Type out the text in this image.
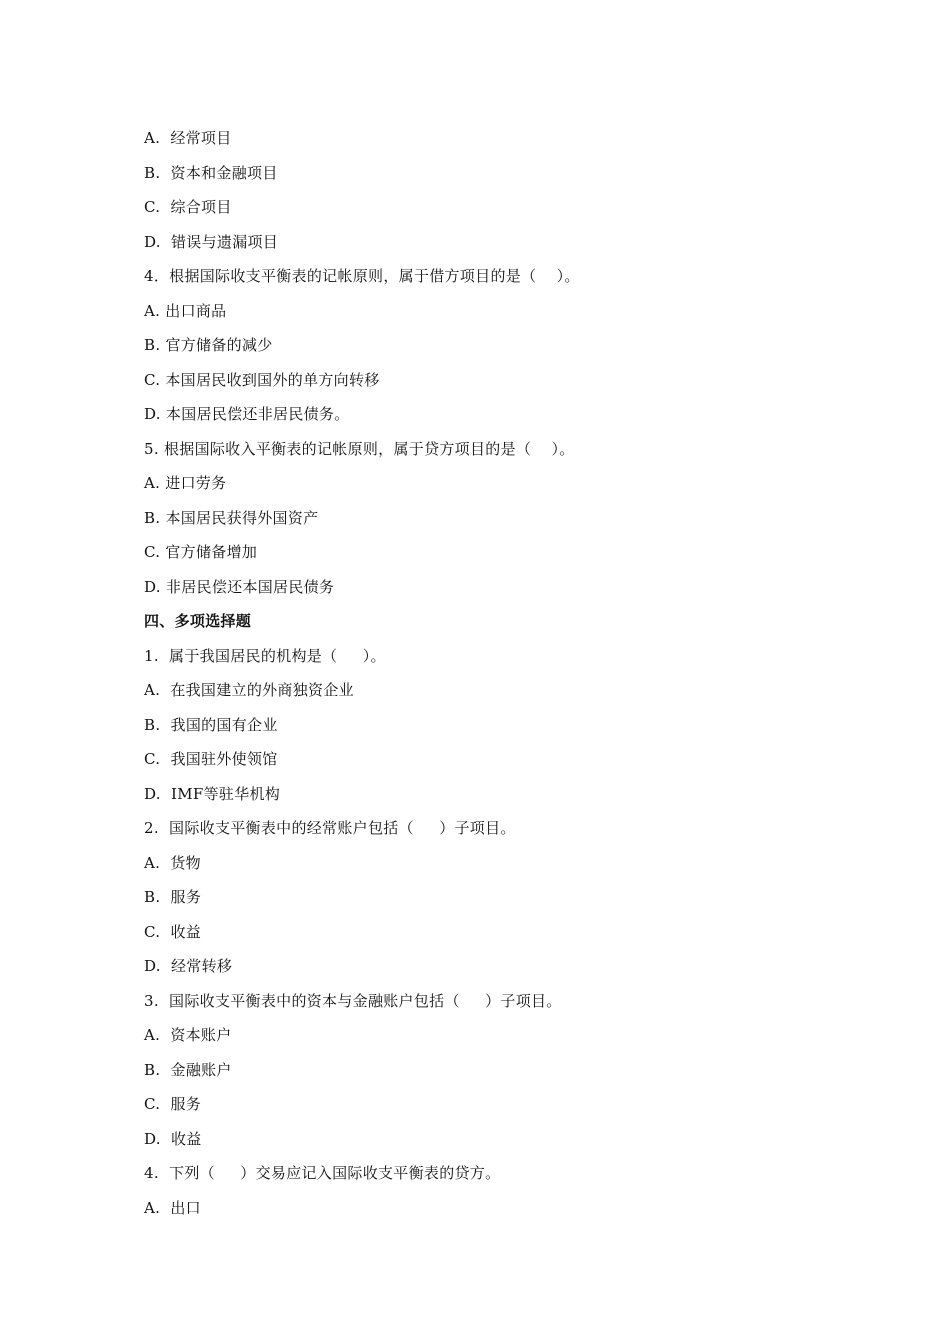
A.  经常项目
B.  资本和金融项目
C.  综合项目
D.  错误与遗漏项目
4．根据国际收支平衡表的记帐原则，属于借方项目的是（    ）。
A. 出口商品
B. 官方储备的减少
C. 本国居民收到国外的单方向转移
D. 本国居民偿还非居民债务。
5. 根据国际收入平衡表的记帐原则，属于贷方项目的是（    ）。
A. 进口劳务
B. 本国居民获得外国资产
C. 官方储备增加
D. 非居民偿还本国居民债务
四、多项选择题
1.  属于我国居民的机构是（     ）。
A.  在我国建立的外商独资企业
B.  我国的国有企业
C.  我国驻外使领馆
D.  IMF等驻华机构
2.  国际收支平衡表中的经常账户包括（     ）子项目。
A.  货物
B.  服务
C.  收益
D.  经常转移
3.  国际收支平衡表中的资本与金融账户包括（     ）子项目。
A.  资本账户
B.  金融账户
C.  服务
D.  收益
4.  下列（     ）交易应记入国际收支平衡表的贷方。
A.  出口
